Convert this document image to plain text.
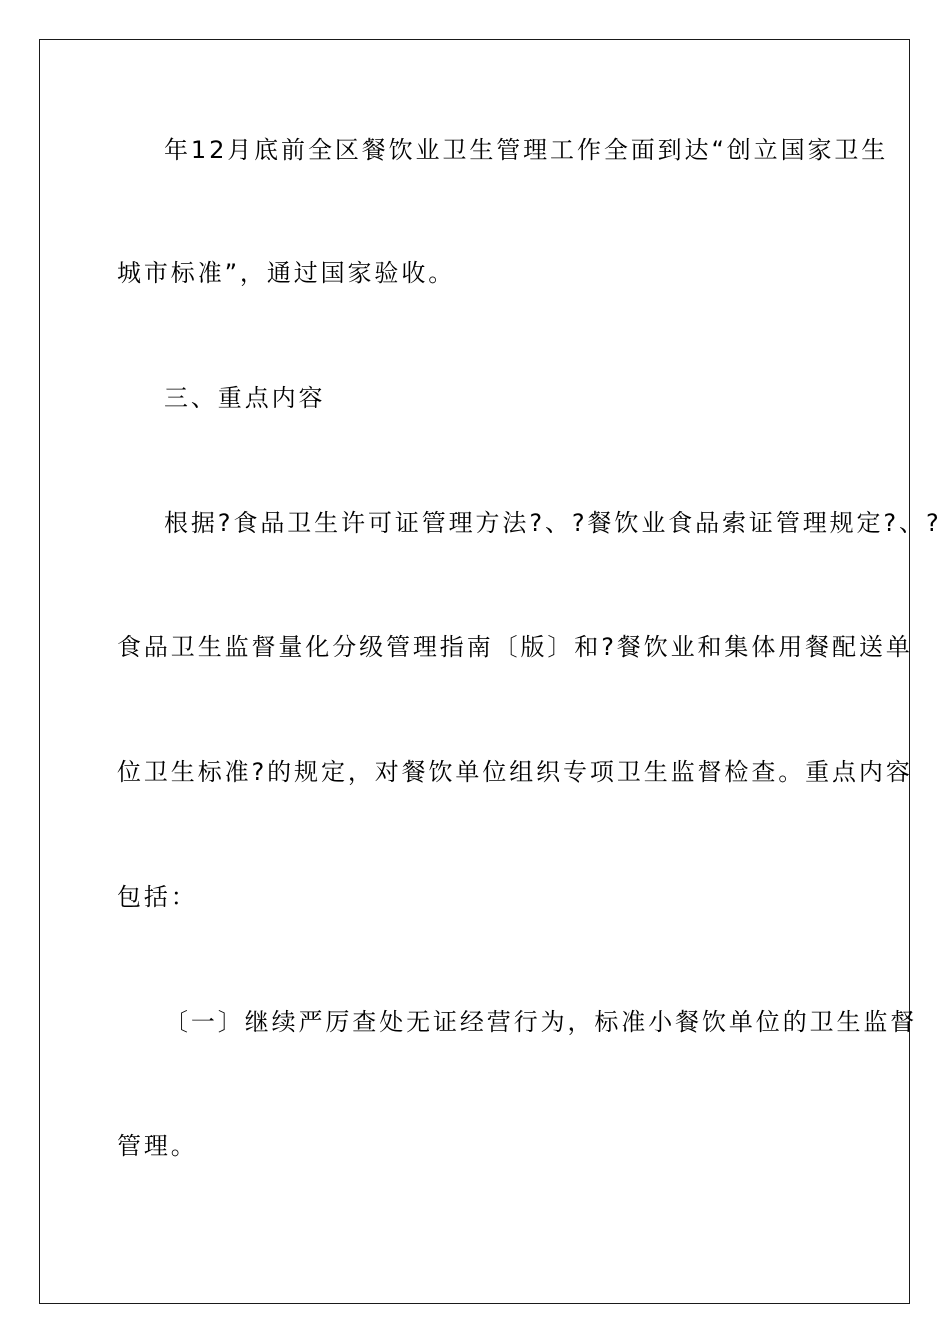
年12月底前全区餐饮业卫生管理工作全面到达“创立国家卫生
城市标准”，通过国家验收。
三、重点内容
根据?食品卫生许可证管理方法?、?餐饮业食品索证管理规定?、?
食品卫生监督量化分级管理指南〔版〕和?餐饮业和集体用餐配送单
位卫生标准?的规定，对餐饮单位组织专项卫生监督检查。重点内容
包括：
〔一〕继续严厉查处无证经营行为，标准小餐饮单位的卫生监督
管理。
